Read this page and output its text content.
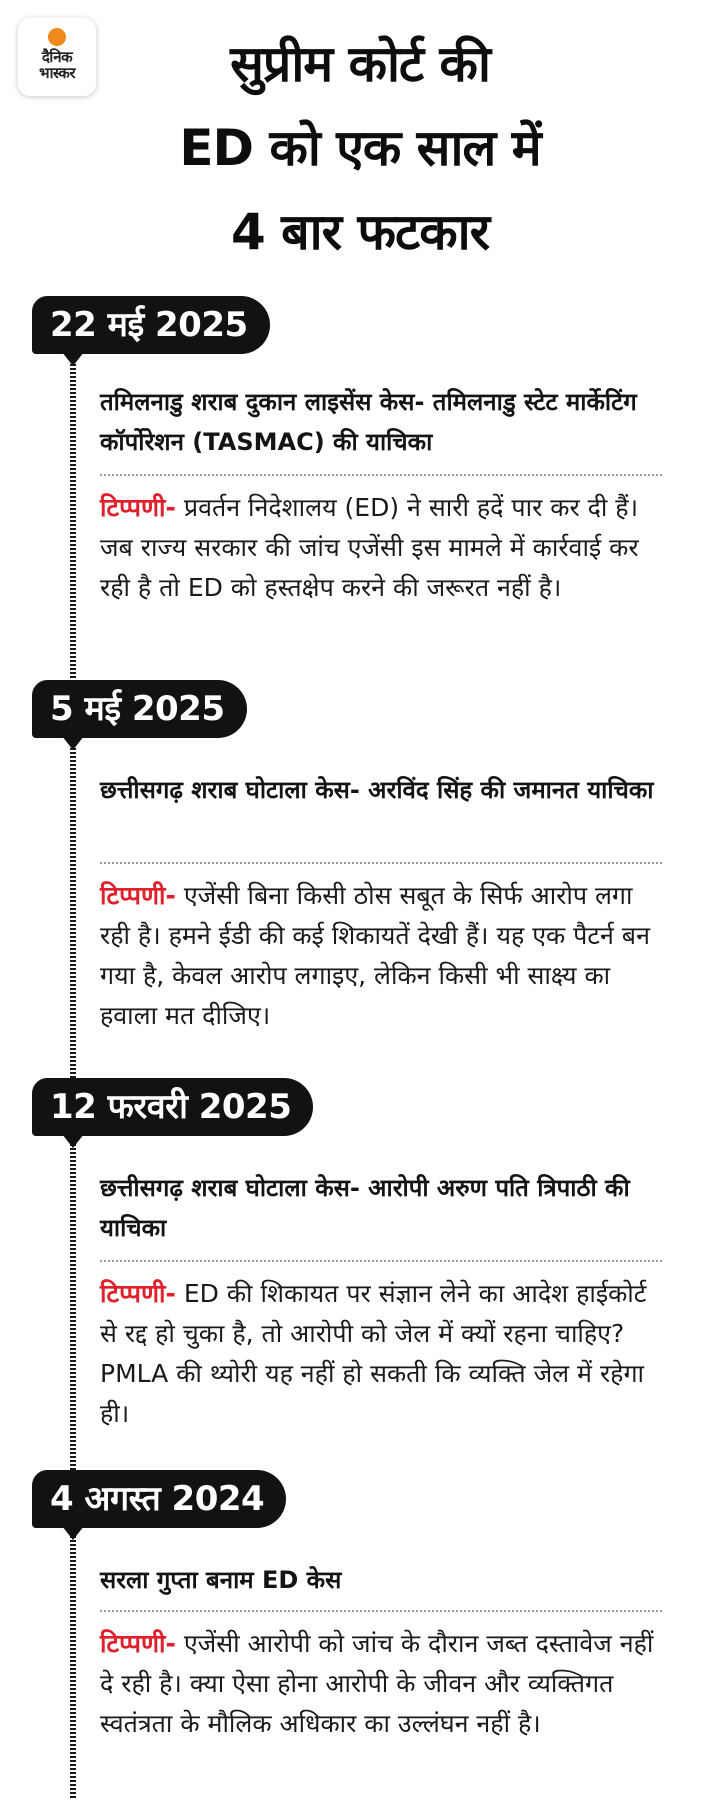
दैनिक
भास्कर	सुप्रीम कोर्ट की
ED को एक साल में
4 बार फटकार
22 मई 2025
तमिलनाडु शराब दुकान लाइसेंस केस- तमिलनाडु स्टेट मार्केटिंग कॉर्पोरेशन (TASMAC) की याचिका
टिप्पणी- प्रवर्तन निदेशालय (ED) ने सारी हदें पार कर दी हैं। जब राज्य सरकार की जांच एजेंसी इस मामले में कार्रवाई कर रही है तो ED को हस्तक्षेप करने की जरूरत नहीं है।
5 मई 2025
छत्तीसगढ़ शराब घोटाला केस- अरविंद सिंह की जमानत याचिका
टिप्पणी- एजेंसी बिना किसी ठोस सबूत के सिर्फ आरोप लगा रही है। हमने ईडी की कई शिकायतें देखी हैं। यह एक पैटर्न बन गया है, केवल आरोप लगाइए, लेकिन किसी भी साक्ष्य का हवाला मत दीजिए।
12 फरवरी 2025
छत्तीसगढ़ शराब घोटाला केस- आरोपी अरुण पति त्रिपाठी की याचिका
टिप्पणी- ED की शिकायत पर संज्ञान लेने का आदेश हाईकोर्ट से रद्द हो चुका है, तो आरोपी को जेल में क्यों रहना चाहिए? PMLA की थ्योरी यह नहीं हो सकती कि व्यक्ति जेल में रहेगा ही।
4 अगस्त 2024
सरला गुप्ता बनाम ED केस
टिप्पणी- एजेंसी आरोपी को जांच के दौरान जब्त दस्तावेज नहीं दे रही है। क्या ऐसा होना आरोपी के जीवन और व्यक्तिगत स्वतंत्रता के मौलिक अधिकार का उल्लंघन नहीं है।
